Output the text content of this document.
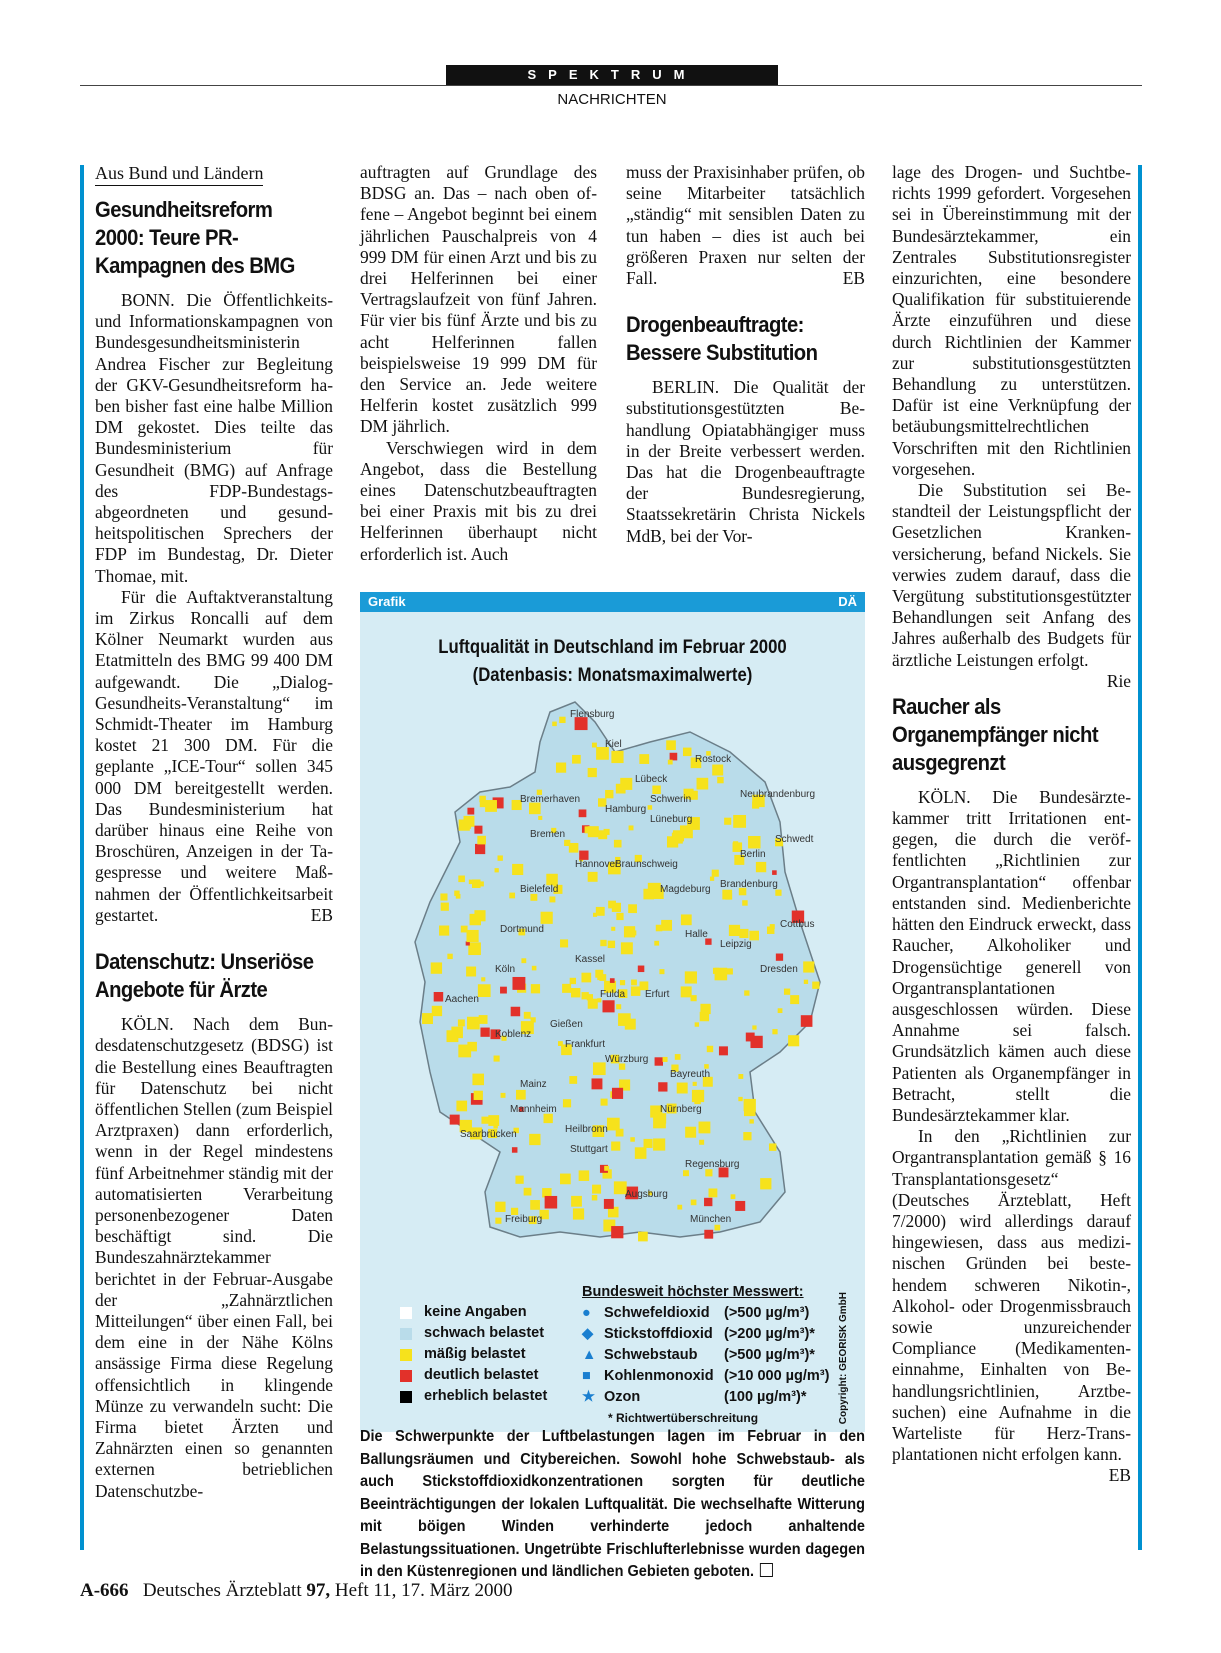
SPEKTRUM
NACHRICHTEN
Aus Bund und Ländern
Gesundheitsreform
2000: Teure PR-
Kampagnen des BMG

BONN. Die Öffentlichkeits- und Informationskampagnen von Bundesgesundheitsministerin Andrea Fischer zur Begleitung der GKV-Gesundheitsreform haben bisher fast eine halbe Million DM gekostet. Dies teilte das Bundesministerium für Gesundheit (BMG) auf Anfrage des FDP-Bundestagsabgeordneten und gesundheitspolitischen Sprechers der FDP im Bundestag, Dr. Dieter Thomae, mit.

Für die Auftaktveranstaltung im Zirkus Roncalli auf dem Kölner Neumarkt wurden aus Etatmitteln des BMG 99 400 DM aufgewandt. Die „Dialog-Gesundheits-Veranstaltung“ im Schmidt-Theater im Hamburg kostet 21 300 DM. Für die geplante „ICE-Tour“ sollen 345 000 DM bereitgestellt werden. Das Bundesministerium hat darüber hinaus eine Reihe von Broschüren, Anzeigen in der Tagespresse und weitere Maßnahmen der Öffentlichkeitsarbeit gestartet.	EB

Datenschutz: Unseriöse
Angebote für Ärzte

KÖLN. Nach dem Bundesdatenschutzgesetz (BDSG) ist die Bestellung eines Beauftragten für Datenschutz bei nicht öffentlichen Stellen (zum Beispiel Arztpraxen) dann erforderlich, wenn in der Regel mindestens fünf Arbeitnehmer ständig mit der automatisierten Verarbeitung personenbezogener Daten beschäftigt sind. Die Bundeszahnärztekammer berichtet in der Februar-Ausgabe der „Zahnärztlichen Mitteilungen“ über einen Fall, bei dem eine in der Nähe Kölns ansässige Firma diese Regelung offensichtlich in klingende Münze zu verwandeln sucht: Die Firma bietet Ärzten und Zahnärzten einen so genannten externen betrieblichen Datenschutzbe-

auftragten auf Grundlage des BDSG an. Das – nach oben offene – Angebot beginnt bei einem jährlichen Pauschalpreis von 4 999 DM für einen Arzt und bis zu drei Helferinnen bei einer Vertragslaufzeit von fünf Jahren. Für vier bis fünf Ärzte und bis zu acht Helferinnen fallen beispielsweise 19 999 DM für den Service an. Jede weitere Helferin kostet zusätzlich 999 DM jährlich.

Verschwiegen wird in dem Angebot, dass die Bestellung eines Datenschutzbeauftragten bei einer Praxis mit bis zu drei Helferinnen überhaupt nicht erforderlich ist. Auch

muss der Praxisinhaber prüfen, ob seine Mitarbeiter tatsächlich „ständig“ mit sensiblen Daten zu tun haben – dies ist auch bei größeren Praxen nur selten der Fall.	EB

Drogenbeauftragte:
Bessere Substitution

BERLIN. Die Qualität der substitutionsgestützten Behandlung Opiatabhängiger muss in der Breite verbessert werden. Das hat die Drogenbeauftragte der Bundesregierung, Staatssekretärin Christa Nickels MdB, bei der Vor-

lage des Drogen- und Suchtberichts 1999 gefordert. Vorgesehen sei in Übereinstimmung mit der Bundesärztekammer, ein Zentrales Substitutionsregister einzurichten, eine besondere Qualifikation für substituierende Ärzte einzuführen und diese durch Richtlinien der Kammer zur substitutionsgestützten Behandlung zu unterstützen. Dafür ist eine Verknüpfung der betäubungsmittelrechtlichen Vorschriften mit den Richtlinien vorgesehen.

Die Substitution sei Bestandteil der Leistungspflicht der Gesetzlichen Krankenversicherung, befand Nickels. Sie verwies zudem darauf, dass die Vergütung substitutionsgestützter Behandlungen seit Anfang des Jahres außerhalb des Budgets für ärztliche Leistungen erfolgt.
Rie

Raucher als
Organempfänger nicht
ausgegrenzt

KÖLN. Die Bundesärztekammer tritt Irritationen entgegen, die durch die veröffentlichten „Richtlinien zur Organtransplantation“ offenbar entstanden sind. Medienberichte hätten den Eindruck erweckt, dass Raucher, Alkoholiker und Drogensüchtige generell von Organtransplantationen ausgeschlossen würden. Diese Annahme sei falsch. Grundsätzlich kämen auch diese Patienten als Organempfänger in Betracht, stellt die Bundesärztekammer klar.

In den „Richtlinien zur Organtransplantation gemäß § 16 Transplantationsgesetz“ (Deutsches Ärzteblatt, Heft 7/2000) wird allerdings darauf hingewiesen, dass aus medizinischen Gründen bei bestehendem schweren Nikotin-, Alkohol- oder Drogenmissbrauch sowie unzureichender Compliance (Medikamenteneinnahme, Einhalten von Behandlungsrichtlinien, Arztbesuchen) eine Aufnahme in die Warteliste für Herz-Transplantationen nicht erfolgen kann.
EB

Grafik	DÄ
Luftqualität in Deutschland im Februar 2000
(Datenbasis: Monatsmaximalwerte)
Flensburg
Kiel
Rostock
Lübeck
Schwerin	Neubrandenburg
Bremerhaven
Hamburg
Lüneburg
Schwedt
Bremen
Berlin
Hannover
Braunschweig
Magdeburg Brandenburg
Bielefeld
Dortmund	Halle
Leipzig
Cottbus
Köln
Kassel
Aachen
Dresden
Erfurt
Gießen
Fulda
Koblenz
Frankfurt
Würzburg
Bayreuth
Mainz
Mannheim
Saarbrücken
Nürnberg
Heilbronn
Stuttgart
Regensburg
Augsburg
Freiburg	München
keine Angaben
schwach belastet
mäßig belastet
deutlich belastet
erheblich belastet
Bundesweit höchster Messwert:
● Schwefeldioxid (>500 µg/m³)
◆ Stickstoffdioxid (>200 µg/m³)*
▲ Schwebstaub	(>500 µg/m³)*
■ Kohlenmonoxid (>10 000 µg/m³)
★ Ozon	(100 µg/m³)*
* Richtwertüberschreitung	Copyright: GEORISK GmbH
Die Schwerpunkte der Luftbelastungen lagen im Februar in den Ballungsräumen und Citybereichen. Sowohl hohe Schwebstaub- als auch Stickstoffdioxidkonzentrationen sorgten für deutliche Beeinträchtigungen der lokalen Luftqualität. Die wechselhafte Witterung mit böigen Winden verhinderte jedoch anhaltende Belastungssituationen. Ungetrübte Frischlufterlebnisse wurden dagegen in den Küstenregionen und ländlichen Gebieten geboten.
A-666 Deutsches Ärzteblatt 97, Heft 11, 17. März 2000
